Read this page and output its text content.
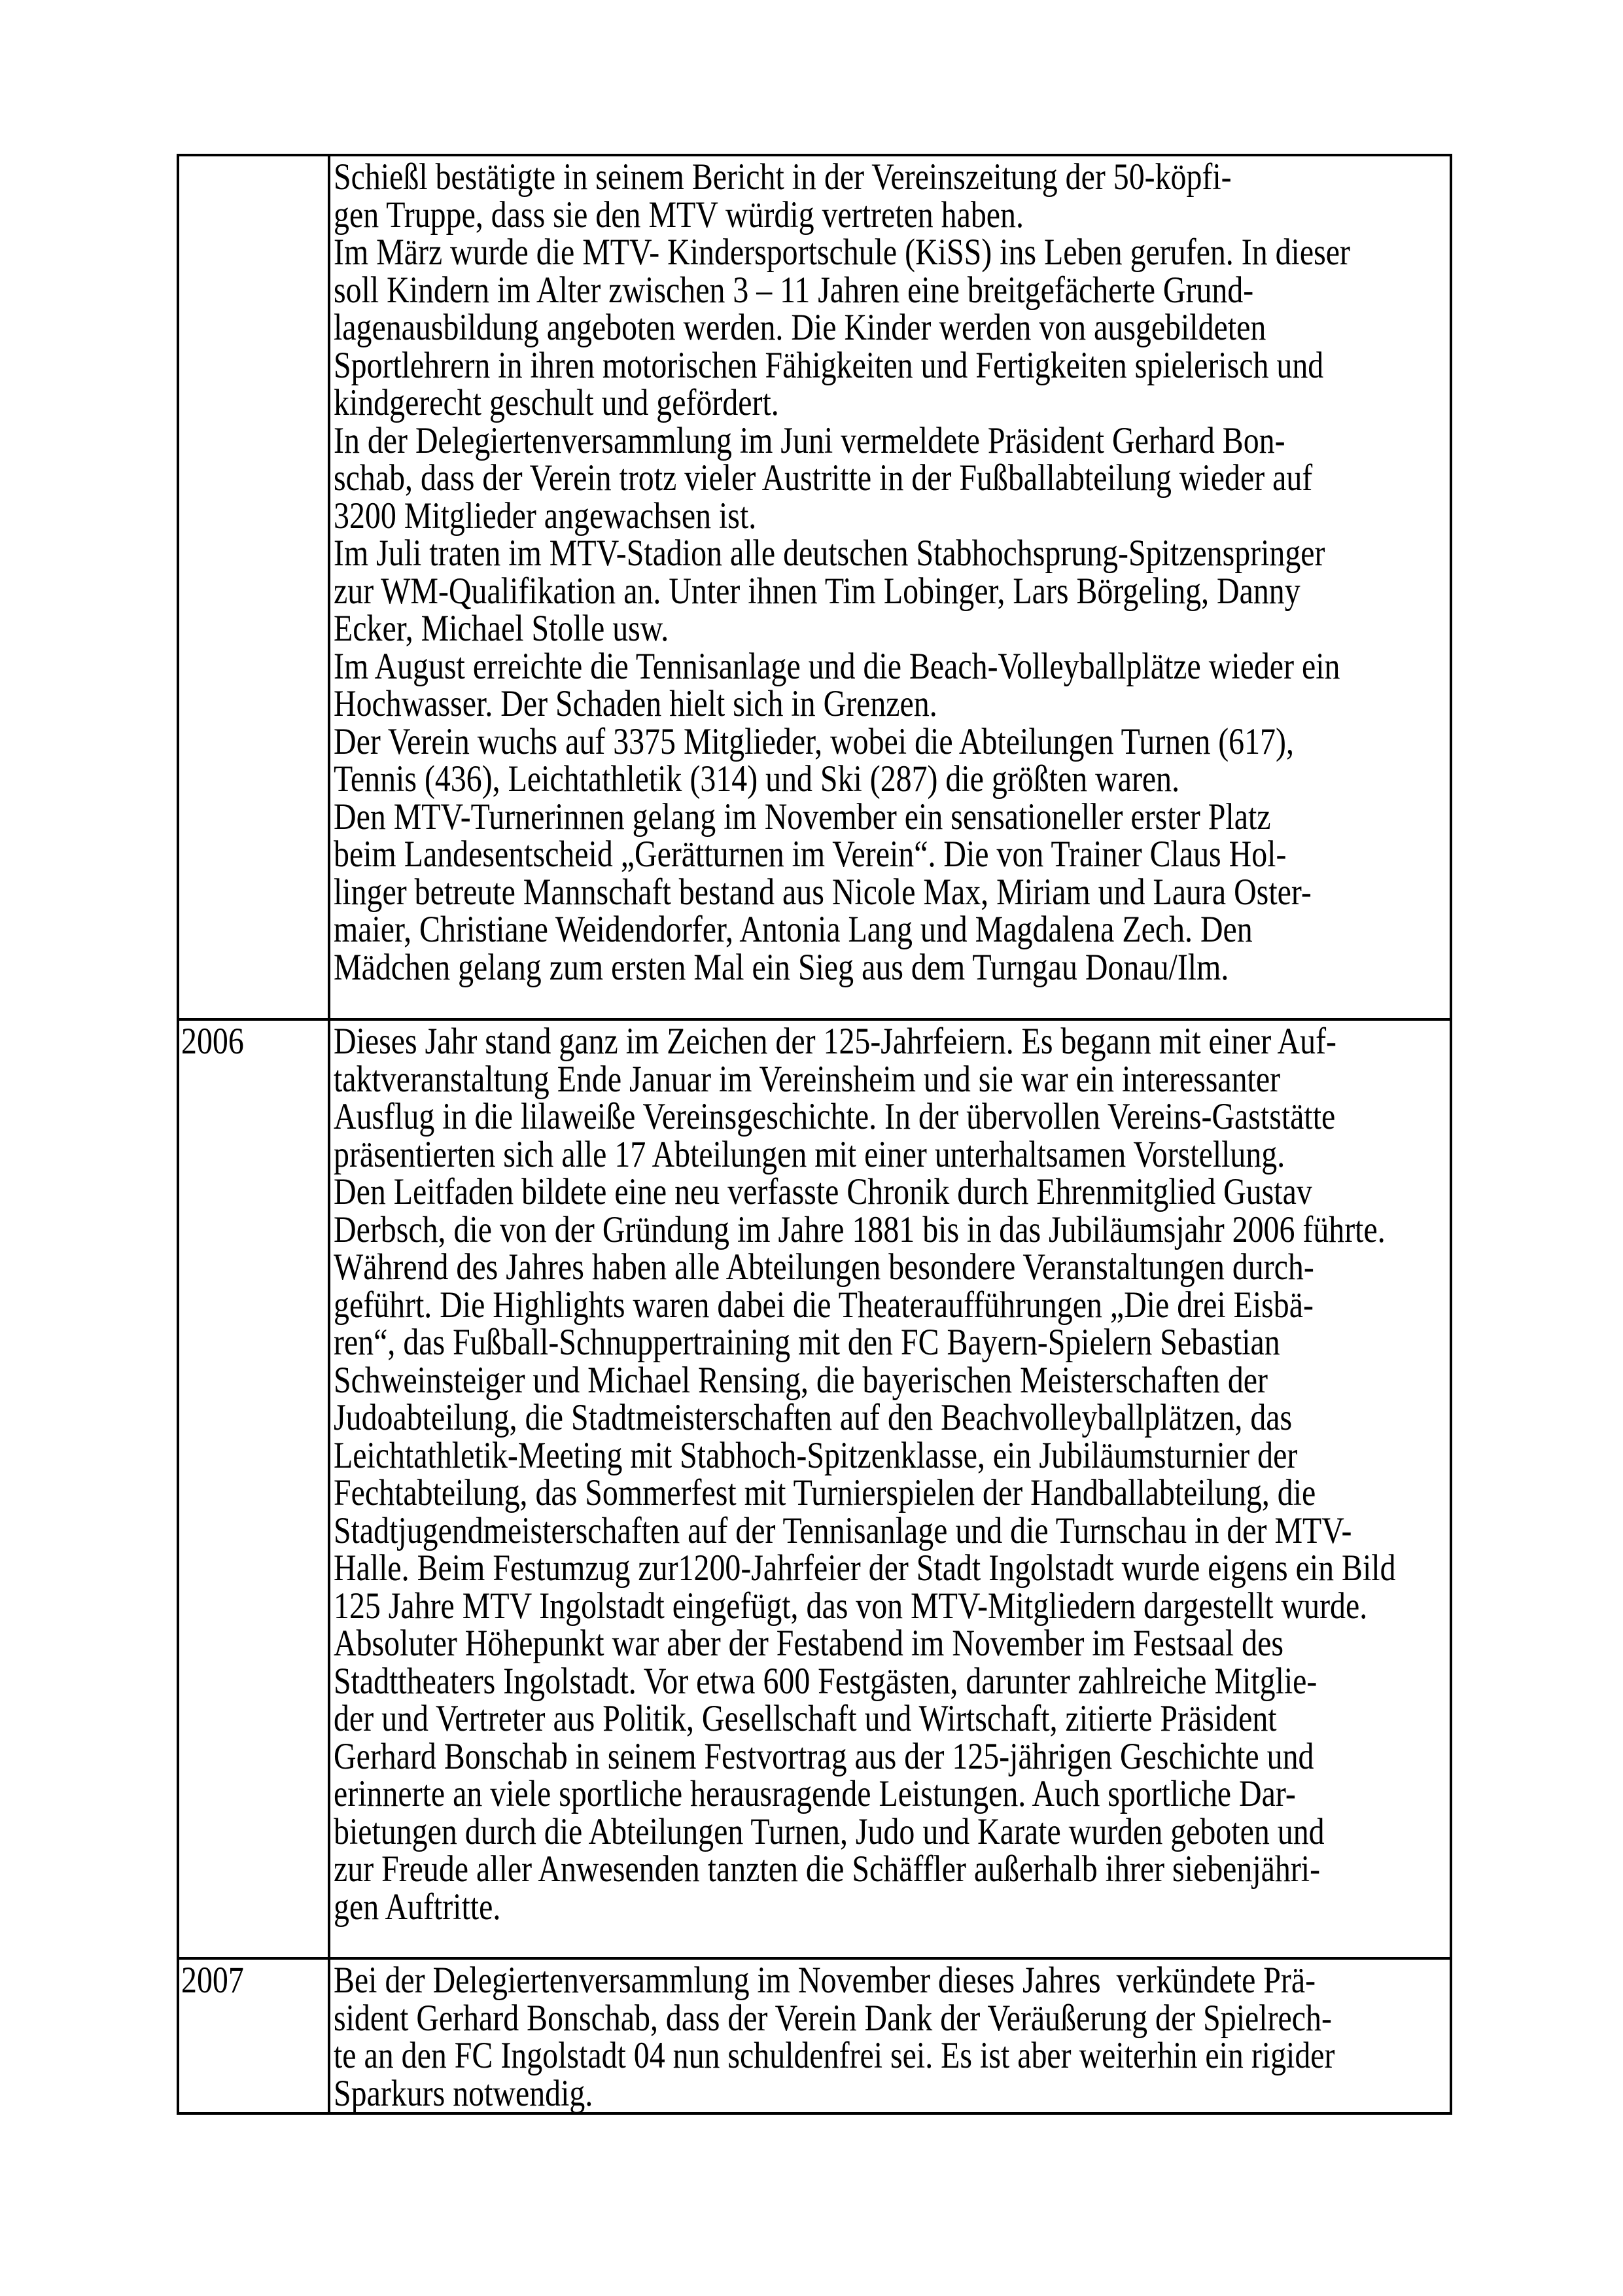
Schießl bestätigte in seinem Bericht in der Vereinszeitung der 50-köpfi-
gen Truppe, dass sie den MTV würdig vertreten haben.
Im März wurde die MTV- Kindersportschule (KiSS) ins Leben gerufen. In dieser
soll Kindern im Alter zwischen 3 – 11 Jahren eine breitgefächerte Grund-
lagenausbildung angeboten werden. Die Kinder werden von ausgebildeten
Sportlehrern in ihren motorischen Fähigkeiten und Fertigkeiten spielerisch und
kindgerecht geschult und gefördert.
In der Delegiertenversammlung im Juni vermeldete Präsident Gerhard Bon-
schab, dass der Verein trotz vieler Austritte in der Fußballabteilung wieder auf
3200 Mitglieder angewachsen ist.
Im Juli traten im MTV-Stadion alle deutschen Stabhochsprung-Spitzenspringer
zur WM-Qualifikation an. Unter ihnen Tim Lobinger, Lars Börgeling, Danny
Ecker, Michael Stolle usw.
Im August erreichte die Tennisanlage und die Beach-Volleyballplätze wieder ein
Hochwasser. Der Schaden hielt sich in Grenzen.
Der Verein wuchs auf 3375 Mitglieder, wobei die Abteilungen Turnen (617),
Tennis (436), Leichtathletik (314) und Ski (287) die größten waren.
Den MTV-Turnerinnen gelang im November ein sensationeller erster Platz
beim Landesentscheid „Gerätturnen im Verein“. Die von Trainer Claus Hol-
linger betreute Mannschaft bestand aus Nicole Max, Miriam und Laura Oster-
maier, Christiane Weidendorfer, Antonia Lang und Magdalena Zech. Den
Mädchen gelang zum ersten Mal ein Sieg aus dem Turngau Donau/Ilm.

2006	Dieses Jahr stand ganz im Zeichen der 125-Jahrfeiern. Es begann mit einer Auf-
taktveranstaltung Ende Januar im Vereinsheim und sie war ein interessanter
Ausflug in die lilaweiße Vereinsgeschichte. In der übervollen Vereins-Gaststätte
präsentierten sich alle 17 Abteilungen mit einer unterhaltsamen Vorstellung.
Den Leitfaden bildete eine neu verfasste Chronik durch Ehrenmitglied Gustav
Derbsch, die von der Gründung im Jahre 1881 bis in das Jubiläumsjahr 2006 führte.
Während des Jahres haben alle Abteilungen besondere Veranstaltungen durch-
geführt. Die Highlights waren dabei die Theateraufführungen „Die drei Eisbä-
ren“, das Fußball-Schnuppertraining mit den FC Bayern-Spielern Sebastian
Schweinsteiger und Michael Rensing, die bayerischen Meisterschaften der
Judoabteilung, die Stadtmeisterschaften auf den Beachvolleyballplätzen, das
Leichtathletik-Meeting mit Stabhoch-Spitzenklasse, ein Jubiläumsturnier der
Fechtabteilung, das Sommerfest mit Turnierspielen der Handballabteilung, die
Stadtjugendmeisterschaften auf der Tennisanlage und die Turnschau in der MTV-
Halle. Beim Festumzug zur1200-Jahrfeier der Stadt Ingolstadt wurde eigens ein Bild
125 Jahre MTV Ingolstadt eingefügt, das von MTV-Mitgliedern dargestellt wurde.
Absoluter Höhepunkt war aber der Festabend im November im Festsaal des
Stadttheaters Ingolstadt. Vor etwa 600 Festgästen, darunter zahlreiche Mitglie-
der und Vertreter aus Politik, Gesellschaft und Wirtschaft, zitierte Präsident
Gerhard Bonschab in seinem Festvortrag aus der 125-jährigen Geschichte und
erinnerte an viele sportliche herausragende Leistungen. Auch sportliche Dar-
bietungen durch die Abteilungen Turnen, Judo und Karate wurden geboten und
zur Freude aller Anwesenden tanzten die Schäffler außerhalb ihrer siebenjähri-
gen Auftritte.

2007	Bei der Delegiertenversammlung im November dieses Jahres  verkündete Prä-
sident Gerhard Bonschab, dass der Verein Dank der Veräußerung der Spielrech-
te an den FC Ingolstadt 04 nun schuldenfrei sei. Es ist aber weiterhin ein rigider
Sparkurs notwendig.
